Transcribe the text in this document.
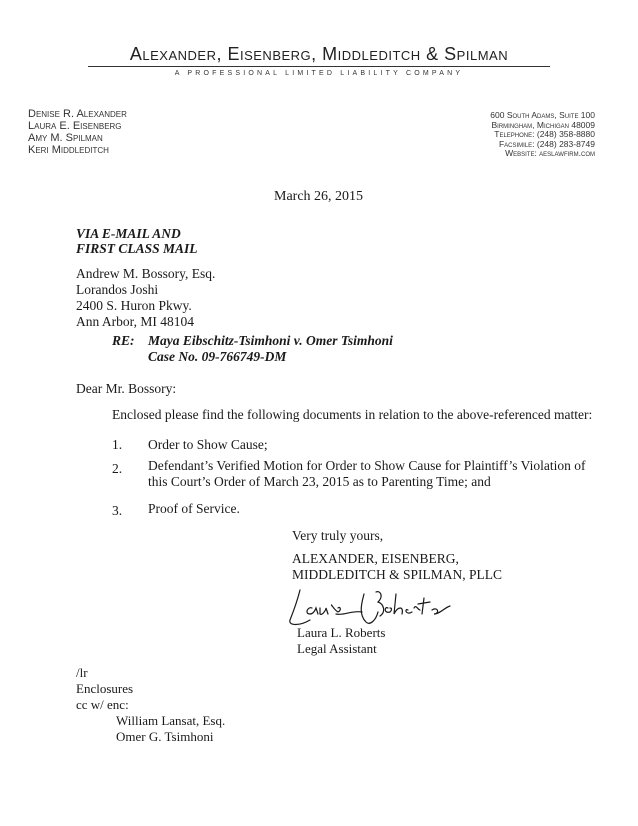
Alexander, Eisenberg, Middleditch & Spilman
A PROFESSIONAL LIMITED LIABILITY COMPANY
Denise R. Alexander
Laura E. Eisenberg
Amy M. Spilman
Keri Middleditch
600 South Adams, Suite 100
Birmingham, Michigan 48009
Telephone: (248) 358-8880
Facsimile: (248) 283-8749
Website: aeslawfirm.com
March 26, 2015
VIA E-MAIL AND
FIRST CLASS MAIL
Andrew M. Bossory, Esq.
Lorandos Joshi
2400 S. Huron Pkwy.
Ann Arbor, MI 48104
RE: Maya Eibschitz-Tsimhoni v. Omer Tsimhoni
Case No. 09-766749-DM
Dear Mr. Bossory:
Enclosed please find the following documents in relation to the above-referenced matter:
1. Order to Show Cause;
2. Defendant’s Verified Motion for Order to Show Cause for Plaintiff’s Violation of
this Court’s Order of March 23, 2015 as to Parenting Time; and
3. Proof of Service.
Very truly yours,
ALEXANDER, EISENBERG,
MIDDLEDITCH & SPILMAN, PLLC
Laura L. Roberts
Legal Assistant
/lr
Enclosures
cc w/ enc:
William Lansat, Esq.
Omer G. Tsimhoni
